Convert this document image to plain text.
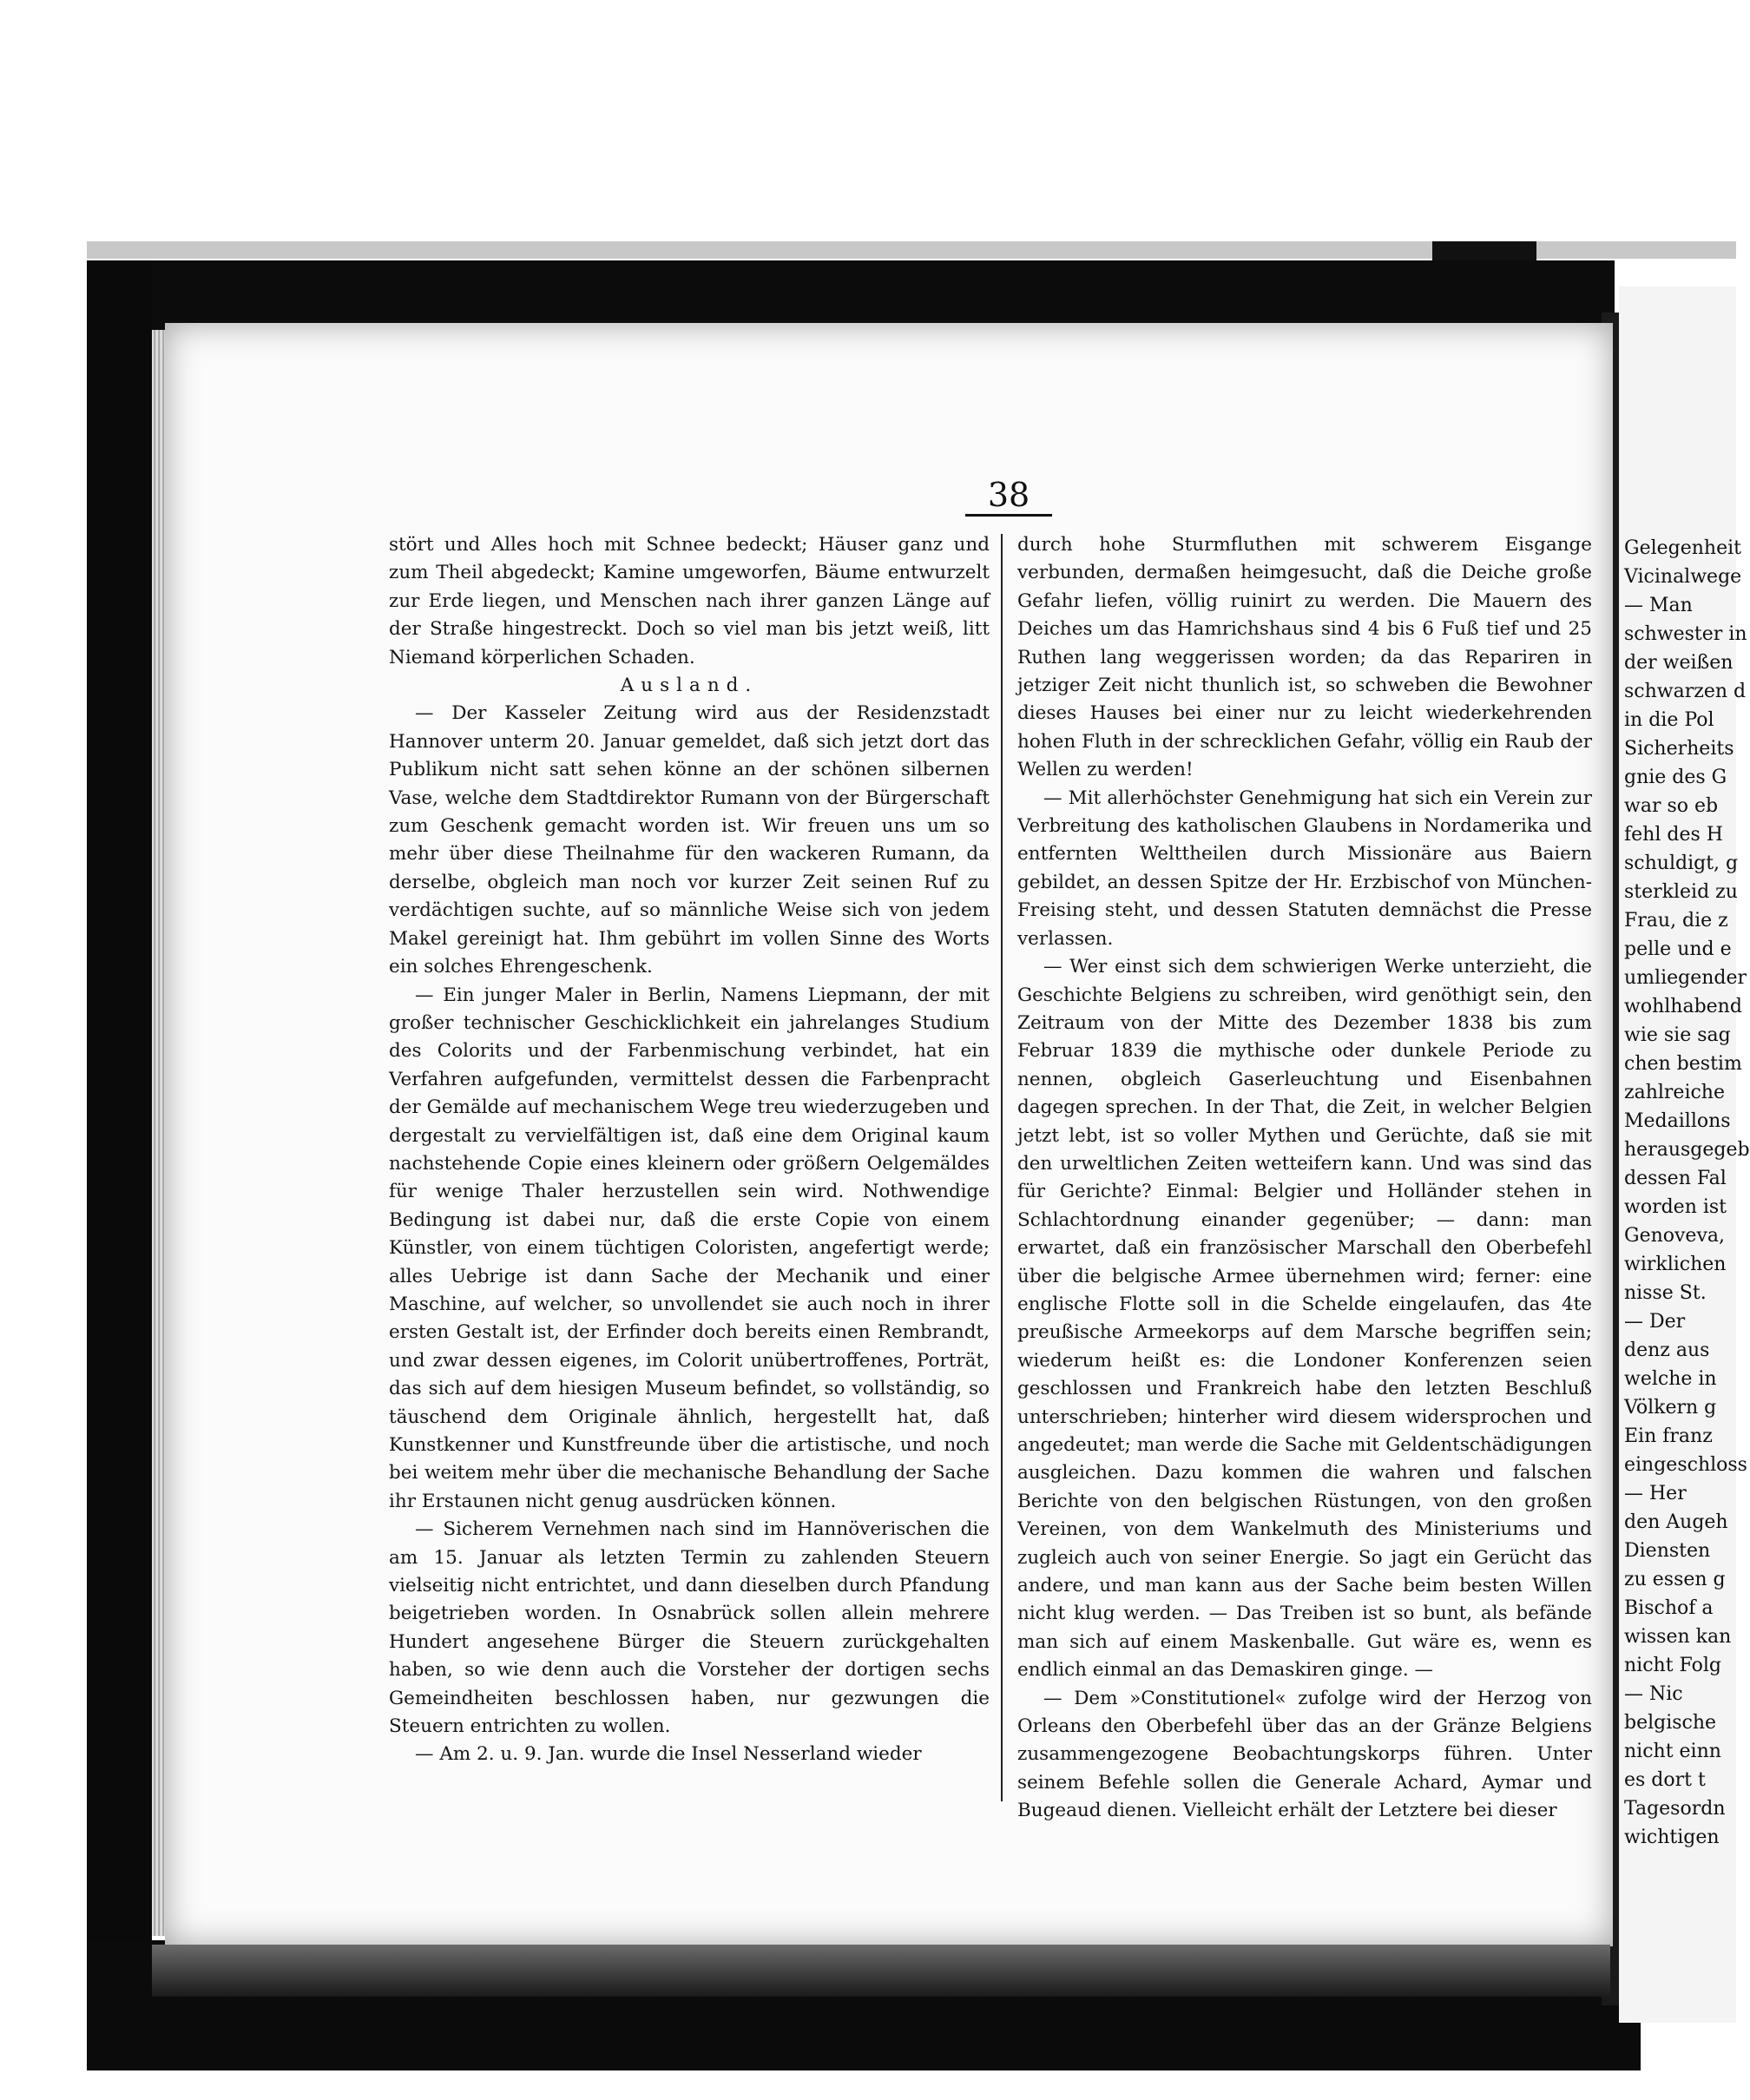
Gelegenheit
Vicinalwege
— Man
schwester in
der weißen
schwarzen d
in die Pol
Sicherheits
gnie des G
war so eb
fehl des H
schuldigt, g
sterkleid zu
Frau, die z
pelle und e
umliegender
wohlhabend
wie sie sag
chen bestim
zahlreiche
Medaillons
herausgegeb
dessen Fal
worden ist
Genoveva,
wirklichen
nisse St.
— Der
denz aus
welche in
Völkern g
Ein franz
eingeschloss
— Her
den Augeh
Diensten
zu essen g
Bischof a
wissen kan
nicht Folg
— Nic
belgische
nicht einn
es dort t
Tagesordn
wichtigen
38

stört und Alles hoch mit Schnee bedeckt; Häuser ganz und zum Theil abgedeckt; Kamine umgeworfen, Bäume entwurzelt zur Erde liegen, und Menschen nach ihrer ganzen Länge auf der Straße hingestreckt. Doch so viel man bis jetzt weiß, litt Niemand körperlichen Schaden.

Ausland.

— Der Kasseler Zeitung wird aus der Residenzstadt Hannover unterm 20. Januar gemeldet, daß sich jetzt dort das Publikum nicht satt sehen könne an der schönen silbernen Vase, welche dem Stadtdirektor Rumann von der Bürgerschaft zum Geschenk gemacht worden ist. Wir freuen uns um so mehr über diese Theilnahme für den wackeren Rumann, da derselbe, obgleich man noch vor kurzer Zeit seinen Ruf zu verdächtigen suchte, auf so männliche Weise sich von jedem Makel gereinigt hat. Ihm gebührt im vollen Sinne des Worts ein solches Ehrengeschenk.

— Ein junger Maler in Berlin, Namens Liepmann, der mit großer technischer Geschicklichkeit ein jahrelanges Studium des Colorits und der Farbenmischung verbindet, hat ein Verfahren aufgefunden, vermittelst dessen die Farbenpracht der Gemälde auf mechanischem Wege treu wiederzugeben und dergestalt zu vervielfältigen ist, daß eine dem Original kaum nachstehende Copie eines kleinern oder größern Oelgemäldes für wenige Thaler herzustellen sein wird. Nothwendige Bedingung ist dabei nur, daß die erste Copie von einem Künstler, von einem tüchtigen Coloristen, angefertigt werde; alles Uebrige ist dann Sache der Mechanik und einer Maschine, auf welcher, so unvollendet sie auch noch in ihrer ersten Gestalt ist, der Erfinder doch bereits einen Rembrandt, und zwar dessen eigenes, im Colorit unübertroffenes, Porträt, das sich auf dem hiesigen Museum befindet, so vollständig, so täuschend dem Originale ähnlich, hergestellt hat, daß Kunstkenner und Kunstfreunde über die artistische, und noch bei weitem mehr über die mechanische Behandlung der Sache ihr Erstaunen nicht genug ausdrücken können.

— Sicherem Vernehmen nach sind im Hannöverischen die am 15. Januar als letzten Termin zu zahlenden Steuern vielseitig nicht entrichtet, und dann dieselben durch Pfandung beigetrieben worden. In Osnabrück sollen allein mehrere Hundert angesehene Bürger die Steuern zurückgehalten haben, so wie denn auch die Vorsteher der dortigen sechs Gemeindheiten beschlossen haben, nur gezwungen die Steuern entrichten zu wollen.

— Am 2. u. 9. Jan. wurde die Insel Nesserland wieder

durch hohe Sturmfluthen mit schwerem Eisgange verbunden, dermaßen heimgesucht, daß die Deiche große Gefahr liefen, völlig ruinirt zu werden. Die Mauern des Deiches um das Hamrichshaus sind 4 bis 6 Fuß tief und 25 Ruthen lang weggerissen worden; da das Repariren in jetziger Zeit nicht thunlich ist, so schweben die Bewohner dieses Hauses bei einer nur zu leicht wiederkehrenden hohen Fluth in der schrecklichen Gefahr, völlig ein Raub der Wellen zu werden!

— Mit allerhöchster Genehmigung hat sich ein Verein zur Verbreitung des katholischen Glaubens in Nordamerika und entfernten Welttheilen durch Missionäre aus Baiern gebildet, an dessen Spitze der Hr. Erzbischof von München-Freising steht, und dessen Statuten demnächst die Presse verlassen.

— Wer einst sich dem schwierigen Werke unterzieht, die Geschichte Belgiens zu schreiben, wird genöthigt sein, den Zeitraum von der Mitte des Dezember 1838 bis zum Februar 1839 die mythische oder dunkele Periode zu nennen, obgleich Gaserleuchtung und Eisenbahnen dagegen sprechen. In der That, die Zeit, in welcher Belgien jetzt lebt, ist so voller Mythen und Gerüchte, daß sie mit den urweltlichen Zeiten wetteifern kann. Und was sind das für Gerichte? Einmal: Belgier und Holländer stehen in Schlachtordnung einander gegenüber; — dann: man erwartet, daß ein französischer Marschall den Oberbefehl über die belgische Armee übernehmen wird; ferner: eine englische Flotte soll in die Schelde eingelaufen, das 4te preußische Armeekorps auf dem Marsche begriffen sein; wiederum heißt es: die Londoner Konferenzen seien geschlossen und Frankreich habe den letzten Beschluß unterschrieben; hinterher wird diesem widersprochen und angedeutet; man werde die Sache mit Geldentschädigungen ausgleichen. Dazu kommen die wahren und falschen Berichte von den belgischen Rüstungen, von den großen Vereinen, von dem Wankelmuth des Ministeriums und zugleich auch von seiner Energie. So jagt ein Gerücht das andere, und man kann aus der Sache beim besten Willen nicht klug werden. — Das Treiben ist so bunt, als befände man sich auf einem Maskenballe. Gut wäre es, wenn es endlich einmal an das Demaskiren ginge. —

— Dem »Constitutionel« zufolge wird der Herzog von Orleans den Oberbefehl über das an der Gränze Belgiens zusammengezogene Beobachtungskorps führen. Unter seinem Befehle sollen die Generale Achard, Aymar und Bugeaud dienen. Vielleicht erhält der Letztere bei dieser
